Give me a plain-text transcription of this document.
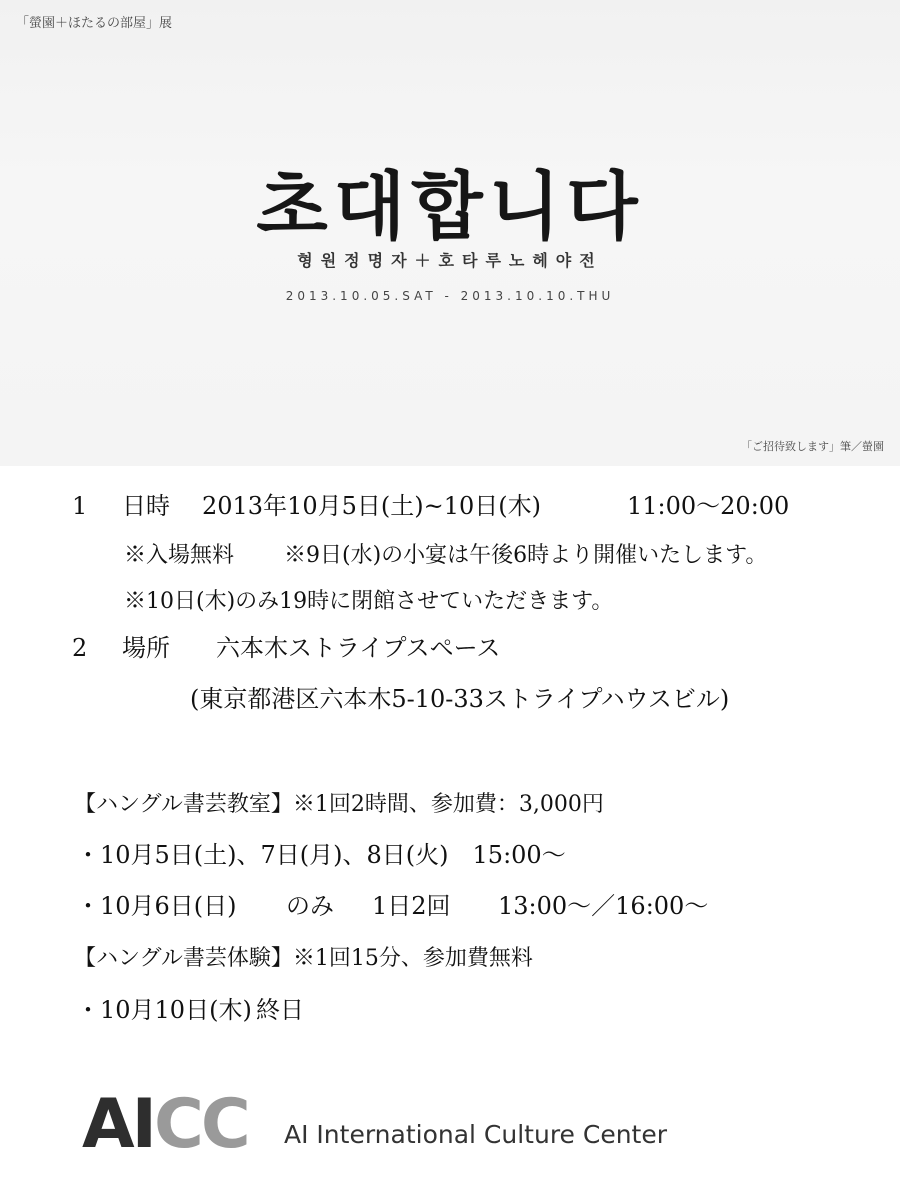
「螢園＋ほたるの部屋」展
초대합니다
형원정명자＋호타루노헤야전
2013.10.05.SAT - 2013.10.10.THU
「ご招待致します」筆／螢園
1 日時 2013年10月5日(土)~10日(木)	11:00〜20:00
※入場無料 ※9日(水)の小宴は午後6時より開催いたします。
※10日(木)のみ19時に閉館させていただきます。
2 場所 六本木ストライプスペース
(東京都港区六本木5-10-33ストライプハウスビル)
【ハングル書芸教室】※1回2時間、参加費：3,000円
・10月5日(土)、7日(月)、8日(火)　15:00〜
・10月6日(日) のみ 1日2回 13:00〜／16:00〜
【ハングル書芸体験】※1回15分、参加費無料
・10月10日(木) 終日
AICC AI International Culture Center
